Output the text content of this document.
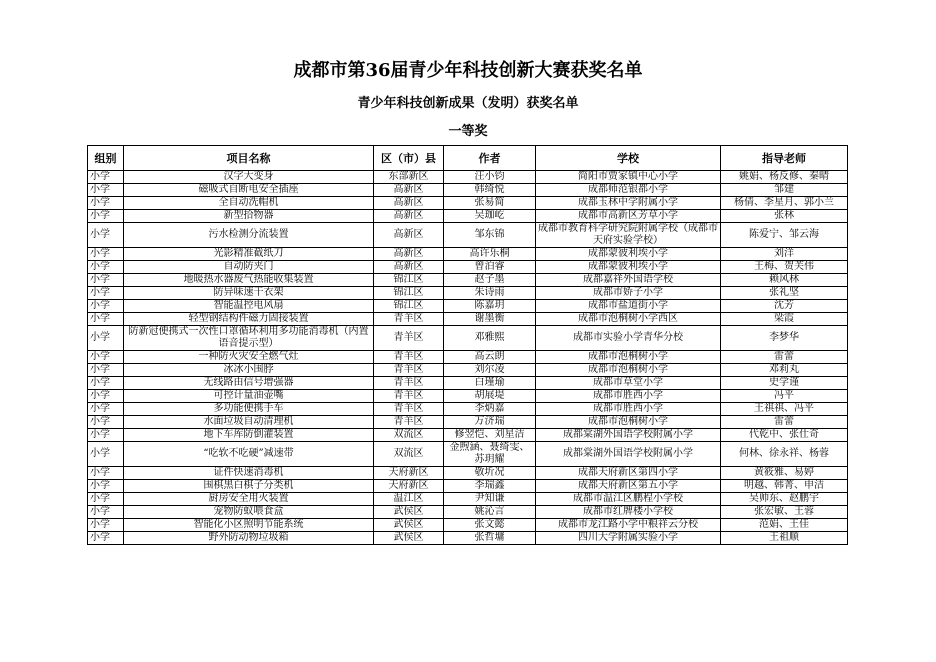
成都市第36届青少年科技创新大赛获奖名单
青少年科技创新成果（发明）获奖名单
一等奖
组别	项目名称	区（市）县	作者	学校	指导老师
小学	汉字大变身	东部新区	汪小钧	简阳市贾家镇中心小学	姚娟、杨反修、秦晴
小学	磁吸式自断电安全插座	高新区	韩绮悦	成都师范银都小学	邹建
小学	全自动洗帽机	高新区	张易简	成都玉林中学附属小学	杨倩、李星月、郭小兰
小学	新型拾物器	高新区	吴珈屹	成都市高新区芳草小学	张林
小学	污水检测分流装置	高新区	邹东锦	成都市教育科学研究院附属学校（成都市天府实验学校）	陈爱宁、邹云海
小学	光影精准截纸刀	高新区	高许乐桐	成都蒙彼利埃小学	刘洋
小学	自动防夹门	高新区	曾泊睿	成都蒙彼利埃小学	王梅、贺芙伟
小学	地暖热水器废气热能收集装置	锦江区	赵子墨	成都嘉祥外国语学校	赖风林
小学	防异味速干衣架	锦江区	朱诗雨	成都市娇子小学	张礼坚
小学	智能温控电风扇	锦江区	陈嘉玥	成都市盐道街小学	沈芳
小学	轻型钢结构件磁力固接装置	青羊区	谢墨衡	成都市泡桐树小学西区	梁霞
小学	防新冠便携式一次性口罩循环利用多功能消毒机（内置语音提示型）	青羊区	邓雅熙	成都市实验小学青华分校	李梦华
小学	一种防火灾安全燃气灶	青羊区	高云朗	成都市泡桐树小学	雷蕾
小学	冰冰小围脖	青羊区	刘尔凌	成都市泡桐树小学	邓莉丸
小学	无线路由信号增强器	青羊区	白瑾瑜	成都市草堂小学	史学谨
小学	可控计量油壶嘴	青羊区	胡展堤	成都市胜西小学	冯平
小学	多功能便携手车	青羊区	李炳嘉	成都市胜西小学	王祺祺、冯平
小学	水面垃圾自动清理机	青羊区	万济瑞	成都市泡桐树小学	雷蕾
小学	地下车库防倒灌装置	双流区	修翌恺、刘星洁	成都棠湖外国语学校附属小学	代乾中、张仕奇
小学	“吃软不吃硬”减速带	双流区	金煦涵、聂绮雯、苏玥耀	成都棠湖外国语学校附属小学	何林、徐永祥、杨蓉
小学	证件快速消毒机	天府新区	敬圻况	成都天府新区第四小学	黄筱雅、易婷
小学	围棋黑白棋子分类机	天府新区	李瑞鑫	成都天府新区第五小学	明越、韩菁、申洁
小学	厨房安全用火装置	温江区	尹知谦	成都市温江区鹏程小学校	吴帅东、赵鹏宇
小学	宠物防蚁喂食盒	武侯区	姚沁言	成都市红牌楼小学校	张宏敏、王蓉
小学	智能化小区照明节能系统	武侯区	张文懿	成都市龙江路小学中粮祥云分校	范娟、王佳
小学	野外防动物垃圾箱	武侯区	张哲墉	四川大学附属实验小学	王祖顺
